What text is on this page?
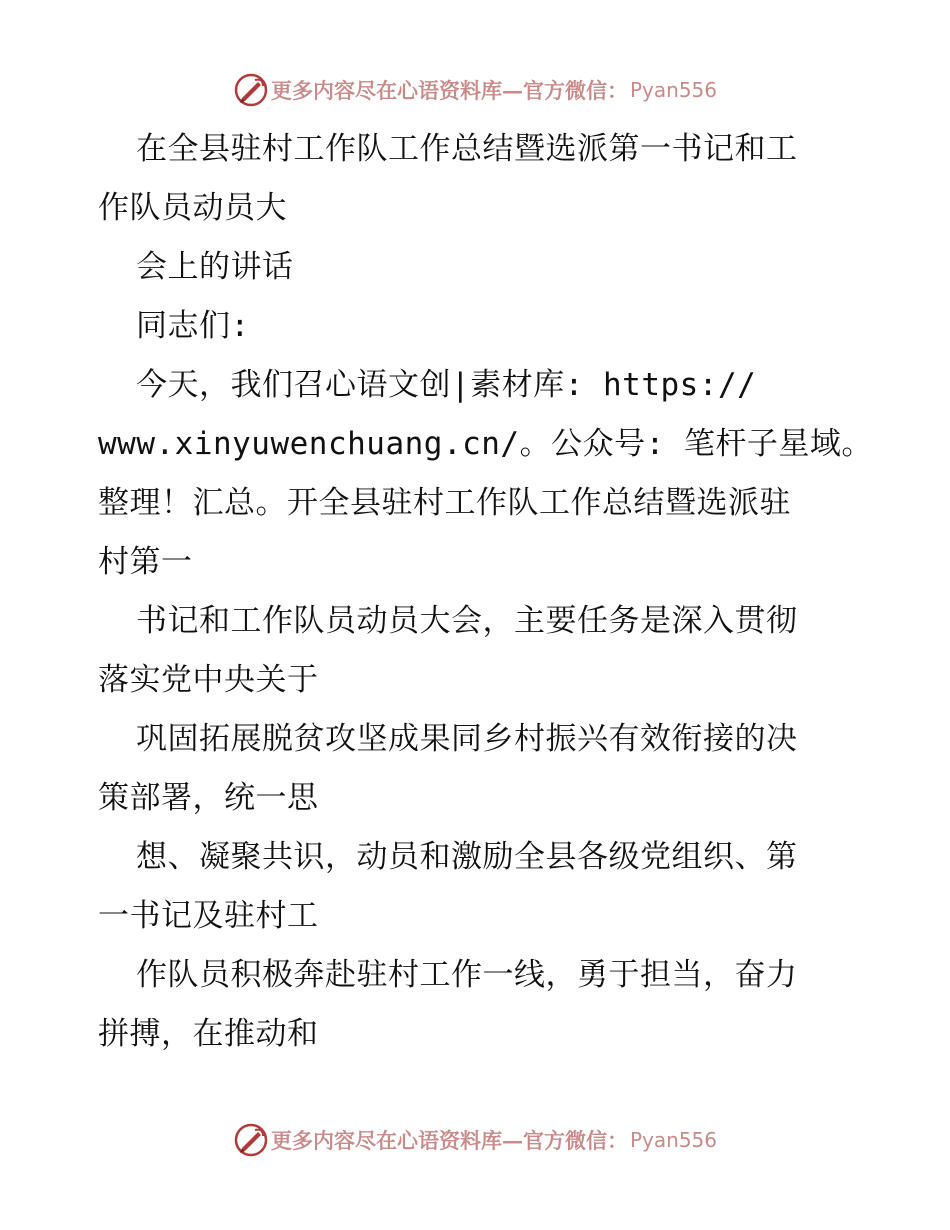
更多内容尽在心语资料库—官方微信： Pyan556
在全县驻村工作队工作总结暨选派第一书记和工
作队员动员大
会上的讲话
同志们:
今天，我们召心语文创|素材库: https://
www.xinyuwenchuang.cn/。公众号: 笔杆子星域。
整理！汇总。开全县驻村工作队工作总结暨选派驻
村第一
书记和工作队员动员大会，主要任务是深入贯彻
落实党中央关于
巩固拓展脱贫攻坚成果同乡村振兴有效衔接的决
策部署，统一思
想、凝聚共识，动员和激励全县各级党组织、第
一书记及驻村工
作队员积极奔赴驻村工作一线，勇于担当，奋力
拼搏，在推动和
更多内容尽在心语资料库—官方微信： Pyan556
